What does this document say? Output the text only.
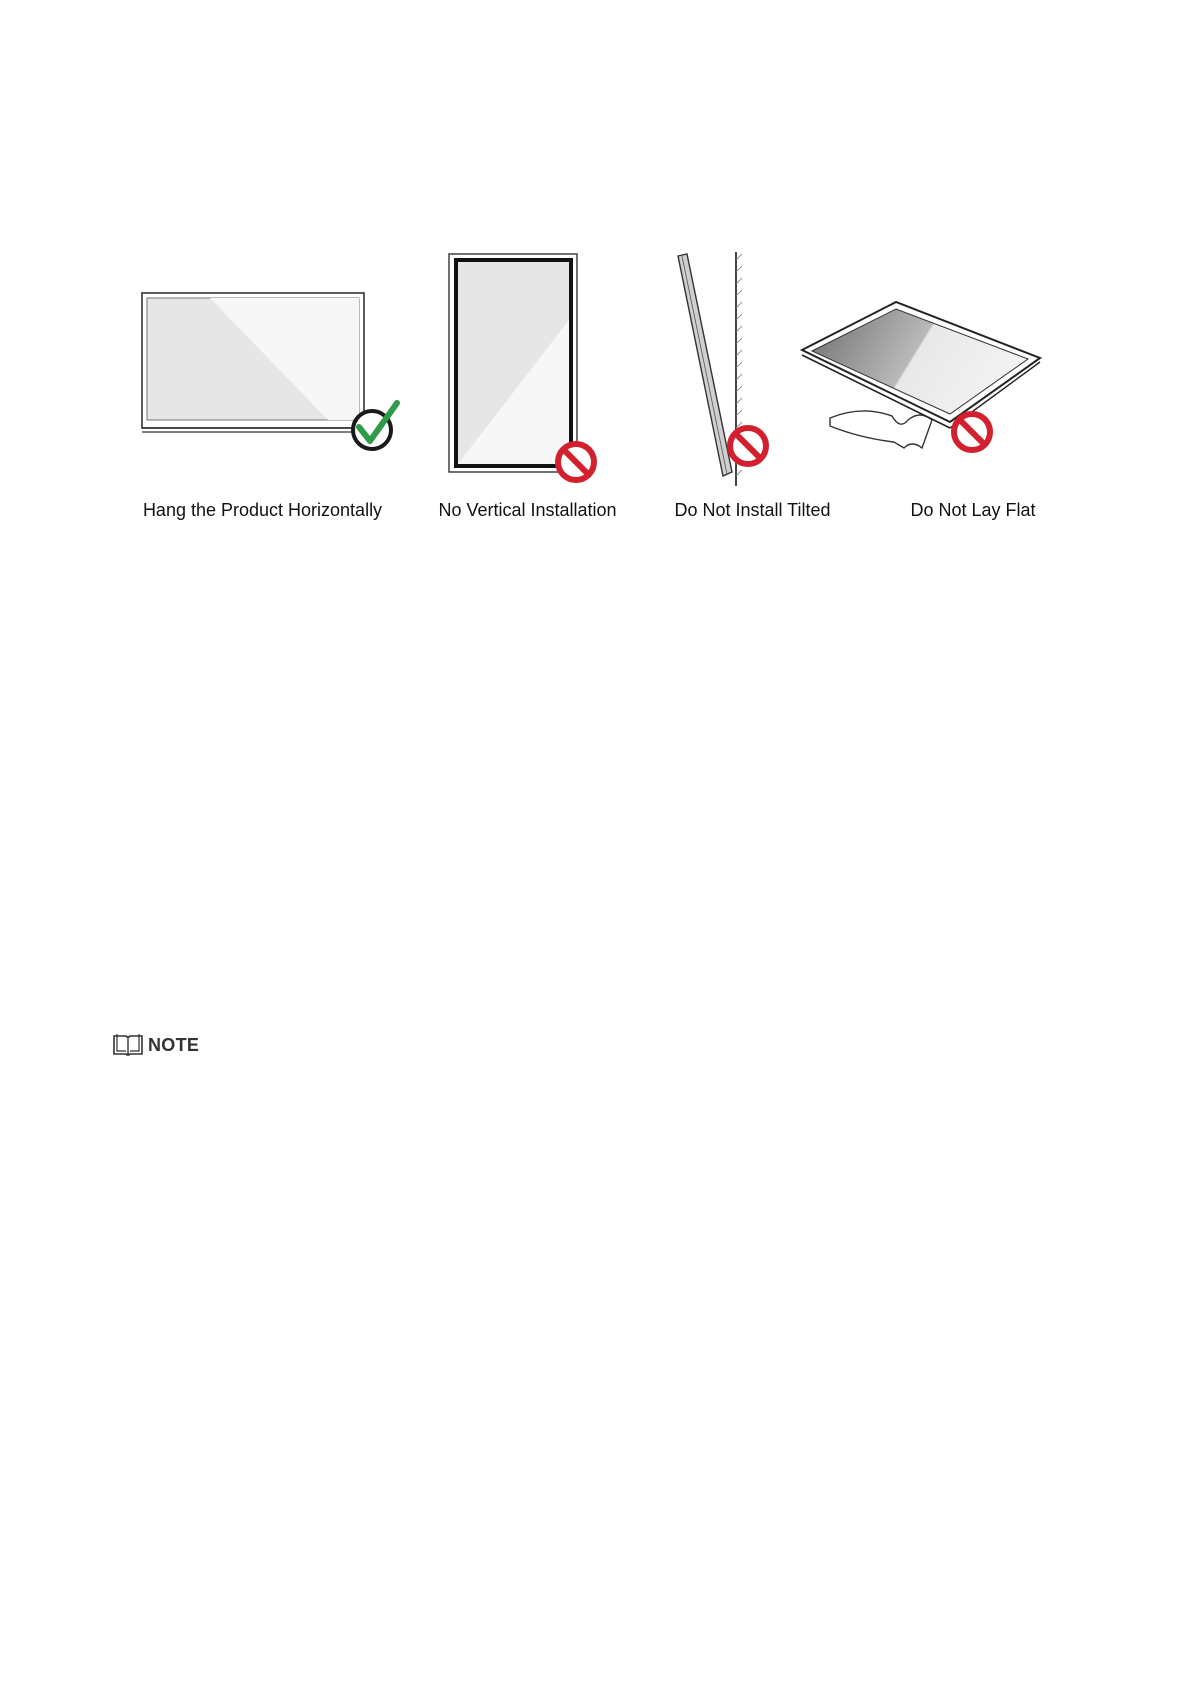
Hang the Product Horizontally	No Vertical Installation	Do Not Install Tilted	Do Not Lay Flat
NOTE
